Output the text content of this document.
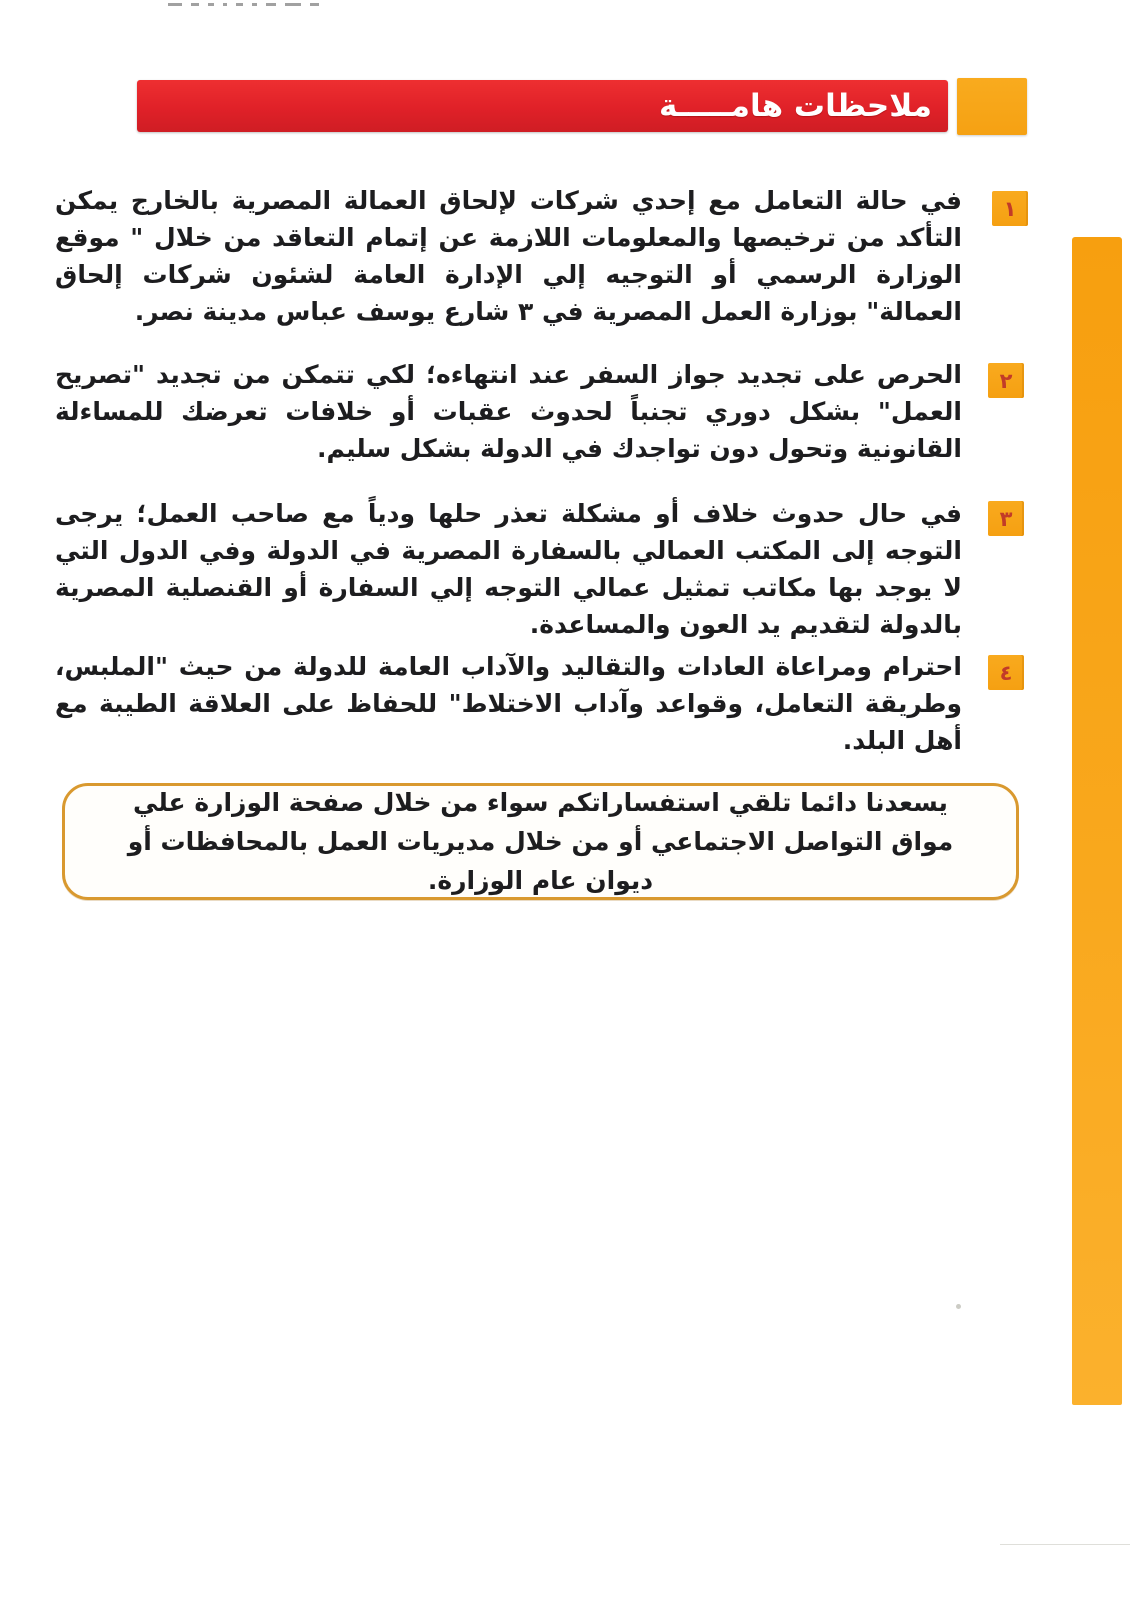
ملاحظات هامـــــة
١
٢
٣
٤
في حالة التعامل مع إحدي شركات لإلحاق العمالة المصرية بالخارج يمكن التأكد من ترخيصها والمعلومات اللازمة عن إتمام التعاقد من خلال " موقع الوزارة الرسمي أو التوجيه إلي الإدارة العامة لشئون شركات إلحاق العمالة" بوزارة العمل المصرية في ٣ شارع يوسف عباس مدينة نصر.
الحرص على تجديد جواز السفر عند انتهاءه؛ لكي تتمكن من تجديد "تصريح العمل" بشكل دوري تجنباً لحدوث عقبات أو خلافات تعرضك للمساءلة القانونية وتحول دون تواجدك في الدولة بشكل سليم.
في حال حدوث خلاف أو مشكلة تعذر حلها ودياً مع صاحب العمل؛ يرجى التوجه إلى المكتب العمالي بالسفارة المصرية في الدولة وفي الدول التي لا يوجد بها مكاتب تمثيل عمالي التوجه إلي السفارة أو القنصلية المصرية بالدولة لتقديم يد العون والمساعدة.
احترام ومراعاة العادات والتقاليد والآداب العامة للدولة من حيث "الملبس، وطريقة التعامل، وقواعد وآداب الاختلاط" للحفاظ على العلاقة الطيبة مع أهل البلد.
يسعدنا دائما تلقي استفساراتكم سواء من خلال صفحة الوزارة علي مواق التواصل الاجتماعي أو من خلال مديريات العمل بالمحافظات أو ديوان عام الوزارة.
